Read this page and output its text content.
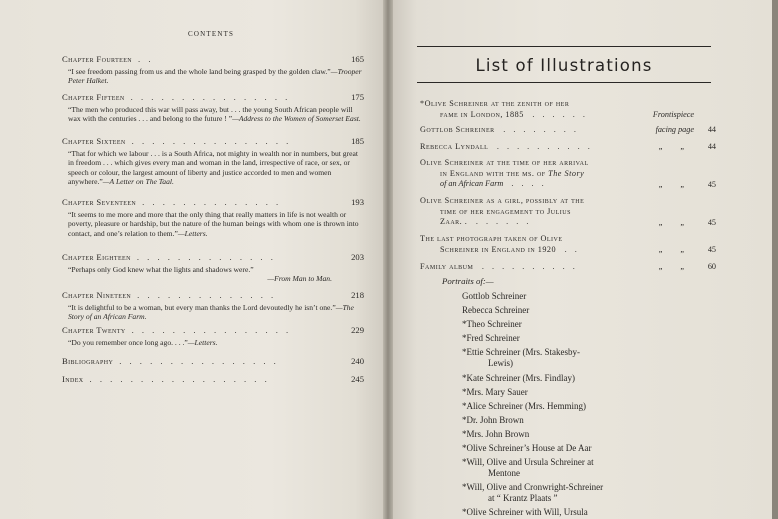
CONTENTS
Chapter Fourteen . .	165
“I see freedom passing from us and the whole land being grasped by the golden claw.”—Trooper Peter Halket.
Chapter Fifteen . . . . . . . . . . . . . . . .	175
“The men who produced this war will pass away, but . . . the young South African people will wax with the centuries . . . and belong to the future ! ”—Address to the Women of Somerset East.
Chapter Sixteen . . . . . . . . . . . . . . . .	185
“That for which we labour . . . is a South Africa, not mighty in wealth nor in numbers, but great in freedom . . . which gives every man and woman in the land, irrespective of race, or sex, or speech or colour, the largest amount of liberty and justice accorded to men and women anywhere.”—A Letter on The Taal.
Chapter Seventeen . . . . . . . . . . . . . .	193
“It seems to me more and more that the only thing that really matters in life is not wealth or poverty, pleasure or hardship, but the nature of the human beings with whom one is thrown into contact, and one’s relation to them.”—Letters.
Chapter Eighteen . . . . . . . . . . . . . .	203
“Perhaps only God knew what the lights and shadows were.”
—From Man to Man.
Chapter Nineteen . . . . . . . . . . . . . .	218
“It is delightful to be a woman, but every man thanks the Lord devoutedly he isn’t one.”—The Story of an African Farm.
Chapter Twenty . . . . . . . . . . . . . . . .	229
“Do you remember once long ago. . . .”—Letters.
Bibliography . . . . . . . . . . . . . . . .	240
Index . . . . . . . . . . . . . . . . . .	245
List of Illustrations
*Olive Schreiner at the zenith of her
fame in London, 1885 . . . . . .	Frontispiece
Gottlob Schreiner . . . . . . . .	facing page 44
Rebecca Lyndall . . . . . . . . . .	„ „	44
Olive Schreiner at the time of her arrival
in England with the ms. of The Story
of an African Farm . . . .	„ „	45
Olive Schreiner as a girl, possibly at the
time of her engagement to Julius
Zaar. . . . . . . .	„ „	45
The last photograph taken of Olive
Schreiner in England in 1920 . .	„ „	45
Family album . . . . . . . . . .	„ „	60
Portraits of:—
Gottlob Schreiner
Rebecca Schreiner
*Theo Schreiner
*Fred Schreiner
*Ettie Schreiner (Mrs. Stakesby-
Lewis)
*Kate Schreiner (Mrs. Findlay)
*Mrs. Mary Sauer
*Alice Schreiner (Mrs. Hemming)
*Dr. John Brown
*Mrs. John Brown
*Olive Schreiner’s House at De Aar
*Will, Olive and Ursula Schreiner at
Mentone
*Will, Olive and Cronwright-Schreiner
at “ Krantz Plaats ”
*Olive Schreiner with Will, Ursula
